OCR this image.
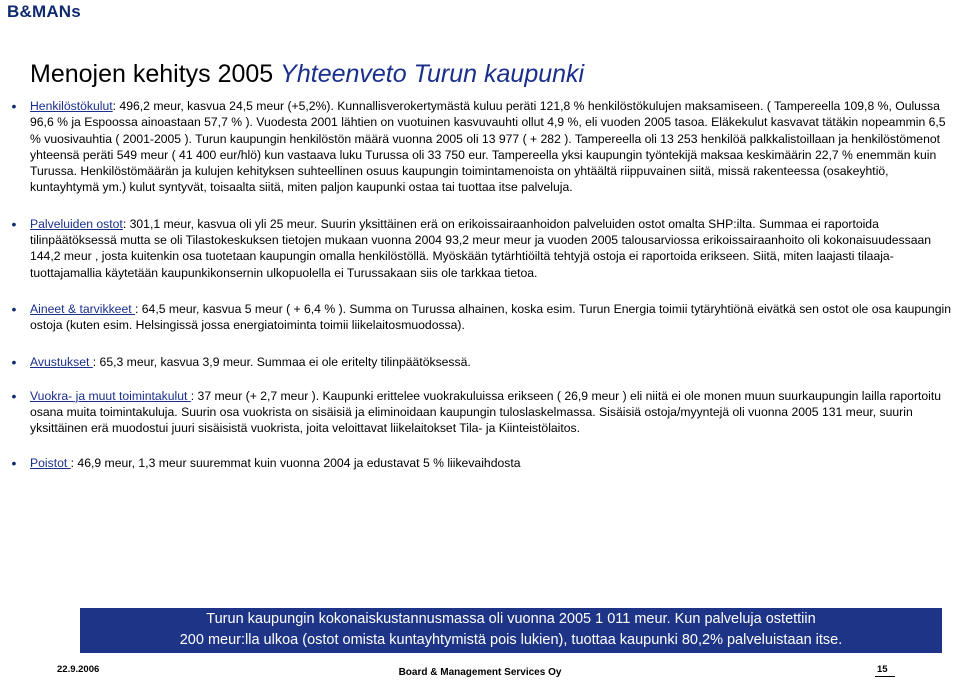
B&MANs
Menojen kehitys 2005 Yhteenveto Turun kaupunki
• Henkilöstökulut: 496,2 meur, kasvua 24,5 meur (+5,2%). Kunnallisverokertymästä kuluu peräti 121,8 % henkilöstökulujen maksamiseen. ( Tampereella 109,8 %, Oulussa 96,6 % ja Espoossa ainoastaan 57,7 % ). Vuodesta 2001 lähtien on vuotuinen kasvuvauhti ollut 4,9 %, eli vuoden 2005 tasoa. Eläkekulut kasvavat tätäkin nopeammin 6,5 % vuosivauhtia ( 2001-2005 ). Turun kaupungin henkilöstön määrä vuonna 2005 oli 13 977 ( + 282 ). Tampereella oli 13 253 henkilöä palkkalistoillaan ja henkilöstömenot yhteensä peräti 549 meur ( 41 400 eur/hlö) kun vastaava luku Turussa oli 33 750 eur. Tampereella yksi kaupungin työntekijä maksaa keskimäärin 22,7 % enemmän kuin Turussa. Henkilöstömäärän ja kulujen kehityksen suhteellinen osuus kaupungin toimintamenoista on yhtäältä riippuvainen siitä, missä rakenteessa (osakeyhtiö, kuntayhtymä ym.) kulut syntyvät, toisaalta siitä, miten paljon kaupunki ostaa tai tuottaa itse palveluja.
• Palveluiden ostot: 301,1 meur, kasvua oli yli 25 meur. Suurin yksittäinen erä on erikoissairaanhoidon palveluiden ostot omalta SHP:ilta. Summaa ei raportoida tilinpäätöksessä mutta se oli Tilastokeskuksen tietojen mukaan vuonna 2004 93,2 meur meur ja vuoden 2005 talousarviossa erikoissairaanhoito oli kokonaisuudessaan 144,2 meur , josta kuitenkin osa tuotetaan kaupungin omalla henkilöstöllä. Myöskään tytärhtiöiltä tehtyjä ostoja ei raportoida erikseen. Siitä, miten laajasti tilaaja-tuottajamallia käytetään kaupunkikonsernin ulkopuolella ei Turussakaan siis ole tarkkaa tietoa.
• Aineet & tarvikkeet : 64,5 meur, kasvua 5 meur ( + 6,4 % ). Summa on Turussa alhainen, koska esim. Turun Energia toimii tytäryhtiönä eivätkä sen ostot ole osa kaupungin ostoja (kuten esim. Helsingissä jossa energiatoiminta toimii liikelaitosmuodossa).
• Avustukset : 65,3 meur, kasvua 3,9 meur. Summaa ei ole eritelty tilinpäätöksessä.
• Vuokra- ja muut toimintakulut : 37 meur (+ 2,7 meur ). Kaupunki erittelee vuokrakuluissa erikseen ( 26,9 meur ) eli niitä ei ole monen muun suurkaupungin lailla raportoitu osana muita toimintakuluja. Suurin osa vuokrista on sisäisiä ja eliminoidaan kaupungin tuloslaskelmassa. Sisäisiä ostoja/myyntejä oli vuonna 2005 131 meur, suurin yksittäinen erä muodostui juuri sisäisistä vuokrista, joita veloittavat liikelaitokset Tila- ja Kiinteistölaitos.
• Poistot : 46,9 meur, 1,3 meur suuremmat kuin vuonna 2004 ja edustavat 5 % liikevaihdosta
Turun kaupungin kokonaiskustannusmassa oli vuonna 2005 1 011 meur. Kun palveluja ostettiin
200 meur:lla ulkoa (ostot omista kuntayhtymistä pois lukien), tuottaa kaupunki 80,2% palveluistaan itse.
22.9.2006	Board & Management Services Oy	15
